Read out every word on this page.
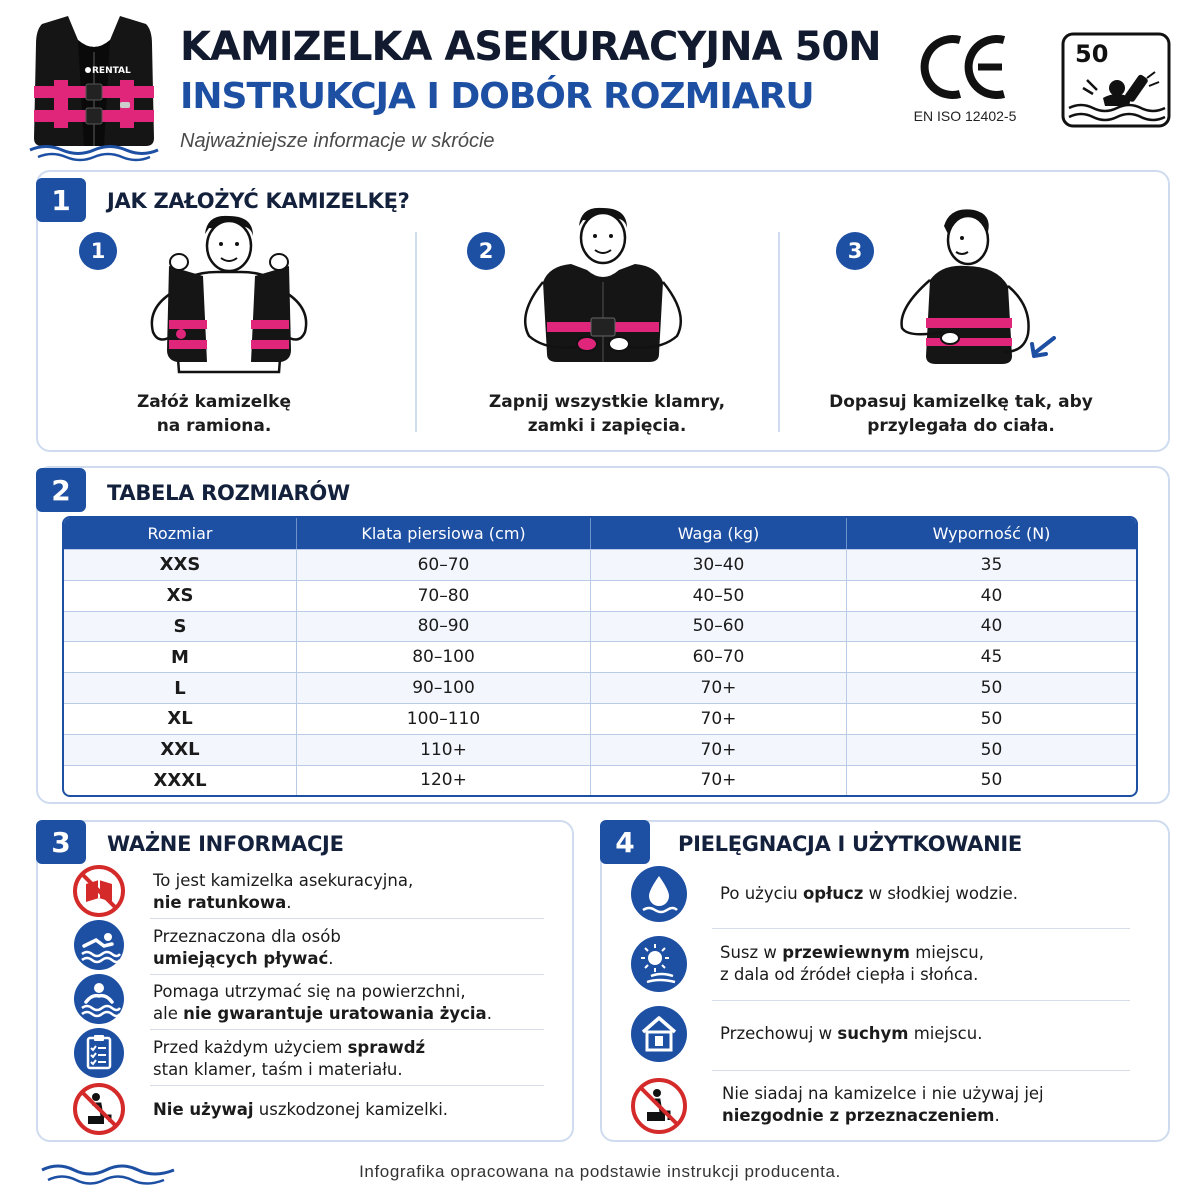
RENTAL
KAMIZELKA ASEKURACYJNA 50N
INSTRUKCJA I DOBÓR ROZMIARU
Najważniejsze informacje w skrócie
EN ISO 12402-5
50
1	JAK ZAŁOŻYĆ KAMIZELKĘ?
1
Załóż kamizelkę
na ramiona.
2
Zapnij wszystkie klamry,
zamki i zapięcia.
3
Dopasuj kamizelkę tak, aby
przylegała do ciała.
2	TABELA ROZMIARÓW
Rozmiar	Klata piersiowa (cm)	Waga (kg)	Wyporność (N)
XXS	60–70	30–40	35
XS	70–80	40–50	40
S	80–90	50–60	40
M	80–100	60–70	45
L	90–100	70+	50
XL	100–110	70+	50
XXL	110+	70+	50
XXXL	120+	70+	50
3	WAŻNE INFORMACJE
To jest kamizelka asekuracyjna,
nie ratunkowa.
Przeznaczona dla osób
umiejących pływać.
Pomaga utrzymać się na powierzchni,
ale nie gwarantuje uratowania życia.
Przed każdym użyciem sprawdź
stan klamer, taśm i materiału.
Nie używaj uszkodzonej kamizelki.
4	PIELĘGNACJA I UŻYTKOWANIE
Po użyciu opłucz w słodkiej wodzie.
Susz w przewiewnym miejscu,
z dala od źródeł ciepła i słońca.
Przechowuj w suchym miejscu.
Nie siadaj na kamizelce i nie używaj jej
niezgodnie z przeznaczeniem.
Infografika opracowana na podstawie instrukcji producenta.
